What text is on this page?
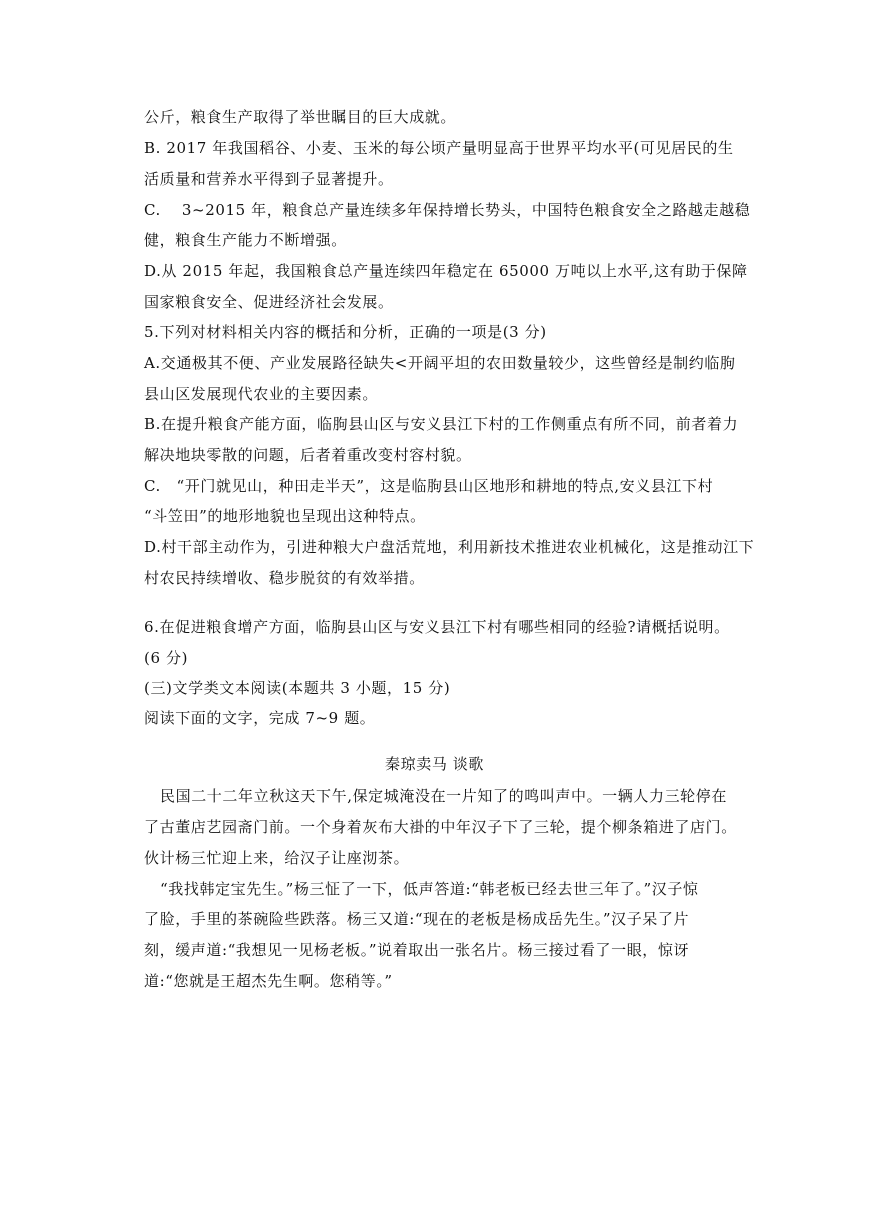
公斤，粮食生产取得了举世瞩目的巨大成就。
B. 2017 年我国稻谷、小麦、玉米的每公顷产量明显高于世界平均水平(可见居民的生
活质量和营养水平得到子显著提升。
C.　 3~2015 年，粮食总产量连续多年保持增长势头，中国特色粮食安全之路越走越稳
健，粮食生产能力不断增强。
D.从 2015 年起，我国粮食总产量连续四年稳定在 65000 万吨以上水平,这有助于保障
国家粮食安全、促进经济社会发展。
5.下列对材料相关内容的概括和分析，正确的一项是(3 分)
A.交通极其不便、产业发展路径缺失<开阔平坦的农田数量较少，这些曾经是制约临朐
县山区发展现代农业的主要因素。
B.在提升粮食产能方面，临朐县山区与安义县江下村的工作侧重点有所不同，前者着力
解决地块零散的问题，后者着重改变村容村貌。
C.　“开门就见山，种田走半天”，这是临朐县山区地形和耕地的特点,安义县江下村
“斗笠田”的地形地貌也呈现出这种特点。
D.村干部主动作为，引进种粮大户盘活荒地，利用新技术推进农业机械化，这是推动江下
村农民持续增收、稳步脱贫的有效举措。
6.在促进粮食增产方面，临朐县山区与安义县江下村有哪些相同的经验?请概括说明。
(6 分)
(三)文学类文本阅读(本题共 3 小题，15 分)
阅读下面的文字，完成 7~9 题。
秦琼卖马 谈歌
民国二十二年立秋这天下午,保定城淹没在一片知了的鸣叫声中。一辆人力三轮停在
了古董店艺园斋门前。一个身着灰布大褂的中年汉子下了三轮，提个柳条箱进了店门。
伙计杨三忙迎上来，给汉子让座沏茶。
“我找韩定宝先生。”杨三怔了一下，低声答道:“韩老板已经去世三年了。”汉子惊
了脸，手里的茶碗险些跌落。杨三又道:“现在的老板是杨成岳先生。”汉子呆了片
刻，缓声道:“我想见一见杨老板。”说着取出一张名片。杨三接过看了一眼，惊讶
道:“您就是王超杰先生啊。您稍等。”
